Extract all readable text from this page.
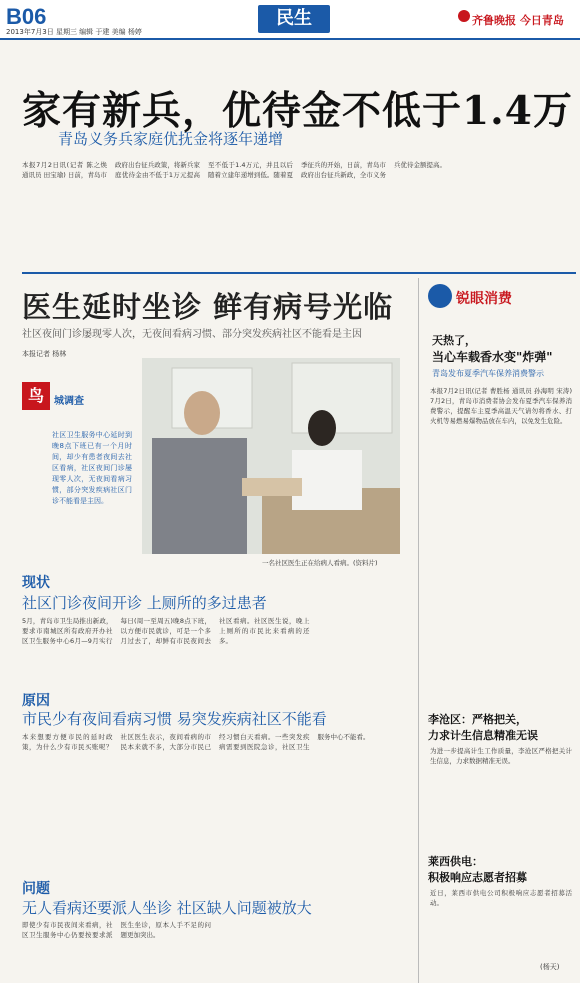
B06
2013年7月3日 星期三 编辑 于建 美编 杨婷
民生	齐鲁晚报 今日青岛
家有新兵，优待金不低于1.4万
青岛义务兵家庭优抚金将逐年递增
本报7月2日讯(记者 陈之焕 通讯员 田宝瑜) 日前，青岛市政府出台征兵政策，将新兵家庭优待金由不低于1万元提高至不低于1.4万元，并且以后随着立建年递增到低。随着夏季征兵的开始，日前，青岛市政府出台征兵新政，全市义务兵优待金额提高。
医生延时坐诊 鲜有病号光临
社区夜间门诊屡现零人次，无夜间看病习惯、部分突发疾病社区不能看是主因
本报记者 杨林
鸟	城调查
社区卫生服务中心延时到晚8点下班已有一个月时间，却少有患者夜间去社区看病，社区夜间门诊屡现零人次，无夜间看病习惯，部分突发疾病社区门诊不能看是主因。
一名社区医生正在给病人看病。(资料片)
现状
社区门诊夜间开诊 上厕所的多过患者
5月，青岛市卫生局推出新政，要求市南城区所有政府开办社区卫生服务中心6月—9月实行每日(周一至周五)晚8点下班，以方便市民就诊，可是一个多月过去了，却鲜有市民夜间去社区看病。社区医生说，晚上上厕所的市民比来看病的还多。
原因
市民少有夜间看病习惯 易突发疾病社区不能看
本来想要方便市民的延时政策，为什么少有市民买账呢？社区医生表示，夜间看病的市民本来就不多，大部分市民已经习惯白天看病。一些突发疾病需要到医院急诊，社区卫生服务中心不能看。
问题
无人看病还要派人坐诊 社区缺人问题被放大
即使少有市民夜间来看病，社区卫生服务中心仍要按要求派医生坐诊，原本人手不足的问题更加突出。
锐眼消费
天热了，
当心车载香水变"炸弹"
青岛发布夏季汽车保养消费警示
本报7月2日讯(记者 曹胜杨 通讯员 孙海明 宋涛) 7月2日，青岛市消费者协会发布夏季汽车保养消费警示，提醒车主夏季高温天气请勿将香水、打火机等易燃易爆物品放在车内，以免发生危险。
李沧区：严格把关，
力求计生信息精准无误
为进一步提高计生工作质量，李沧区严格把关计生信息，力求数据精准无误。
莱西供电：
积极响应志愿者招募
近日，莱西市供电公司积极响应志愿者招募活动。
(杨天)
